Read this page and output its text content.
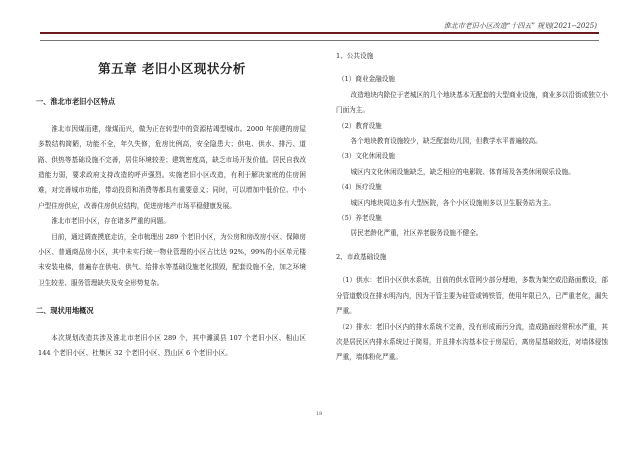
淮北市老旧小区改造“十四五” 规划(2021--2025)
第五章 老旧小区现状分析
一、淮北市老旧小区特点

淮北市因煤而建，缘煤而兴，做为正在转型中的资源枯竭型城市。2000 年前建的房屋多数结构简陋，功能不全，年久失修，危房比例高，安全隐患大；供电、供水、排污、道路、供热等基础设施不完善，居住环境较差；建筑密度高，缺乏市场开发价值。居民自我改造能力弱，要求政府支持改造的呼声强烈。实施老旧小区改造，有利于解决家庭的住房困难，对完善城市功能，带动投资和消费等都具有重要意义；同时，可以增加中低价位、中小户型住房供应，改善住房供应结构，促进房地产市场平稳健康发展。

淮北市老旧小区，存在诸多严重的问题。

目前，通过调查摸底走访，全市梳理出 289 个老旧小区，为公房和房改房小区、保障房小区、普通商品房小区，其中未实行统一物业管理的小区占比达 92%，99%的小区单元楼未安装电梯，普遍存在供电、供气、给排水等基础设施老化损毁，配套设施不全，加之环境卫生较差、服务管理缺失及安全形势复杂。

二、现状用地概况

本次规划改造共涉及淮北市老旧小区 289 个，其中濉溪县 107 个老旧小区、相山区 144 个老旧小区、杜集区 32 个老旧小区、烈山区 6 个老旧小区。

1、公共设施
（1）商业金融设施

改造地块内除位于老城区的几个地块基本无配套的大型商业设施，商业多以沿街或独立小门面为主。

（2）教育设施

各个地块教育设施较少，缺乏配套幼儿园，但教学水平普遍较高。

（3）文化休闲设施

城区内文化休闲设施缺乏，缺乏相应的电影院、体育场及各类休闲娱乐设施。

（4）医疗设施

城区内地块周边多有大型医院，各个小区设施则多以卫生服务站为主。

（5）养老设施

居民老龄化严重，社区养老服务设施不健全。

2、市政基础设施

（1）供水：老旧小区供水系统，目前的供水管网少部分埋地，多数为架空或沿路面敷设，部分管道敷设在排水明沟内，因为干管主要为硅管或铸铁管，使用年限已久，已严重老化，漏失严重。

（2）排水：老旧小区内的排水系统不完善，没有形成雨污分流，造成路面经常积水严重，其次是居民区内排水系统过于简易，并且排水沟基本位于房屋后，离房屋基础较近，对墙体侵蚀严重，墙体粉化严重。

18
